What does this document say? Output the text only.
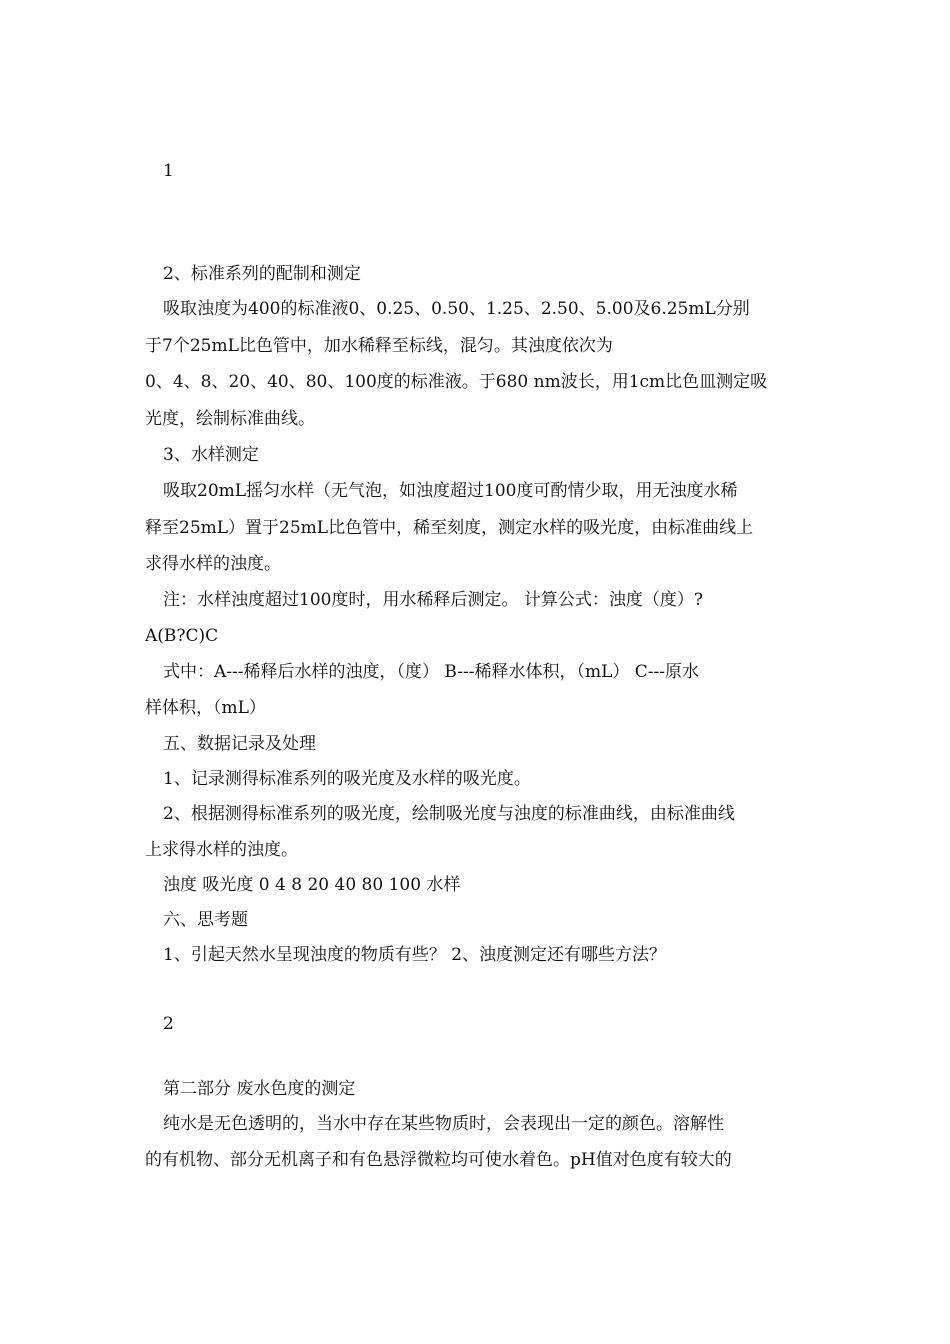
1
2、标准系列的配制和测定
吸取浊度为400的标准液0、0.25、0.50、1.25、2.50、5.00及6.25mL分别
于7个25mL比色管中，加水稀释至标线，混匀。其浊度依次为
0、4、8、20、40、80、100度的标准液。于680 nm波长，用1cm比色皿测定吸
光度，绘制标准曲线。
3、水样测定
吸取20mL摇匀水样（无气泡，如浊度超过100度可酌情少取，用无浊度水稀
释至25mL）置于25mL比色管中，稀至刻度，测定水样的吸光度，由标准曲线上
求得水样的浊度。
注：水样浊度超过100度时，用水稀释后测定。 计算公式：浊度（度）?
A(B?C)C
式中：A---稀释后水样的浊度，（度） B---稀释水体积，（mL） C---原水
样体积，（mL）
五、数据记录及处理
1、记录测得标准系列的吸光度及水样的吸光度。
2、根据测得标准系列的吸光度，绘制吸光度与浊度的标准曲线，由标准曲线
上求得水样的浊度。
浊度 吸光度 0 4 8 20 40 80 100 水样
六、思考题
1、引起天然水呈现浊度的物质有些？ 2、浊度测定还有哪些方法？
2
第二部分 废水色度的测定
纯水是无色透明的，当水中存在某些物质时，会表现出一定的颜色。溶解性
的有机物、部分无机离子和有色悬浮微粒均可使水着色。pH值对色度有较大的
